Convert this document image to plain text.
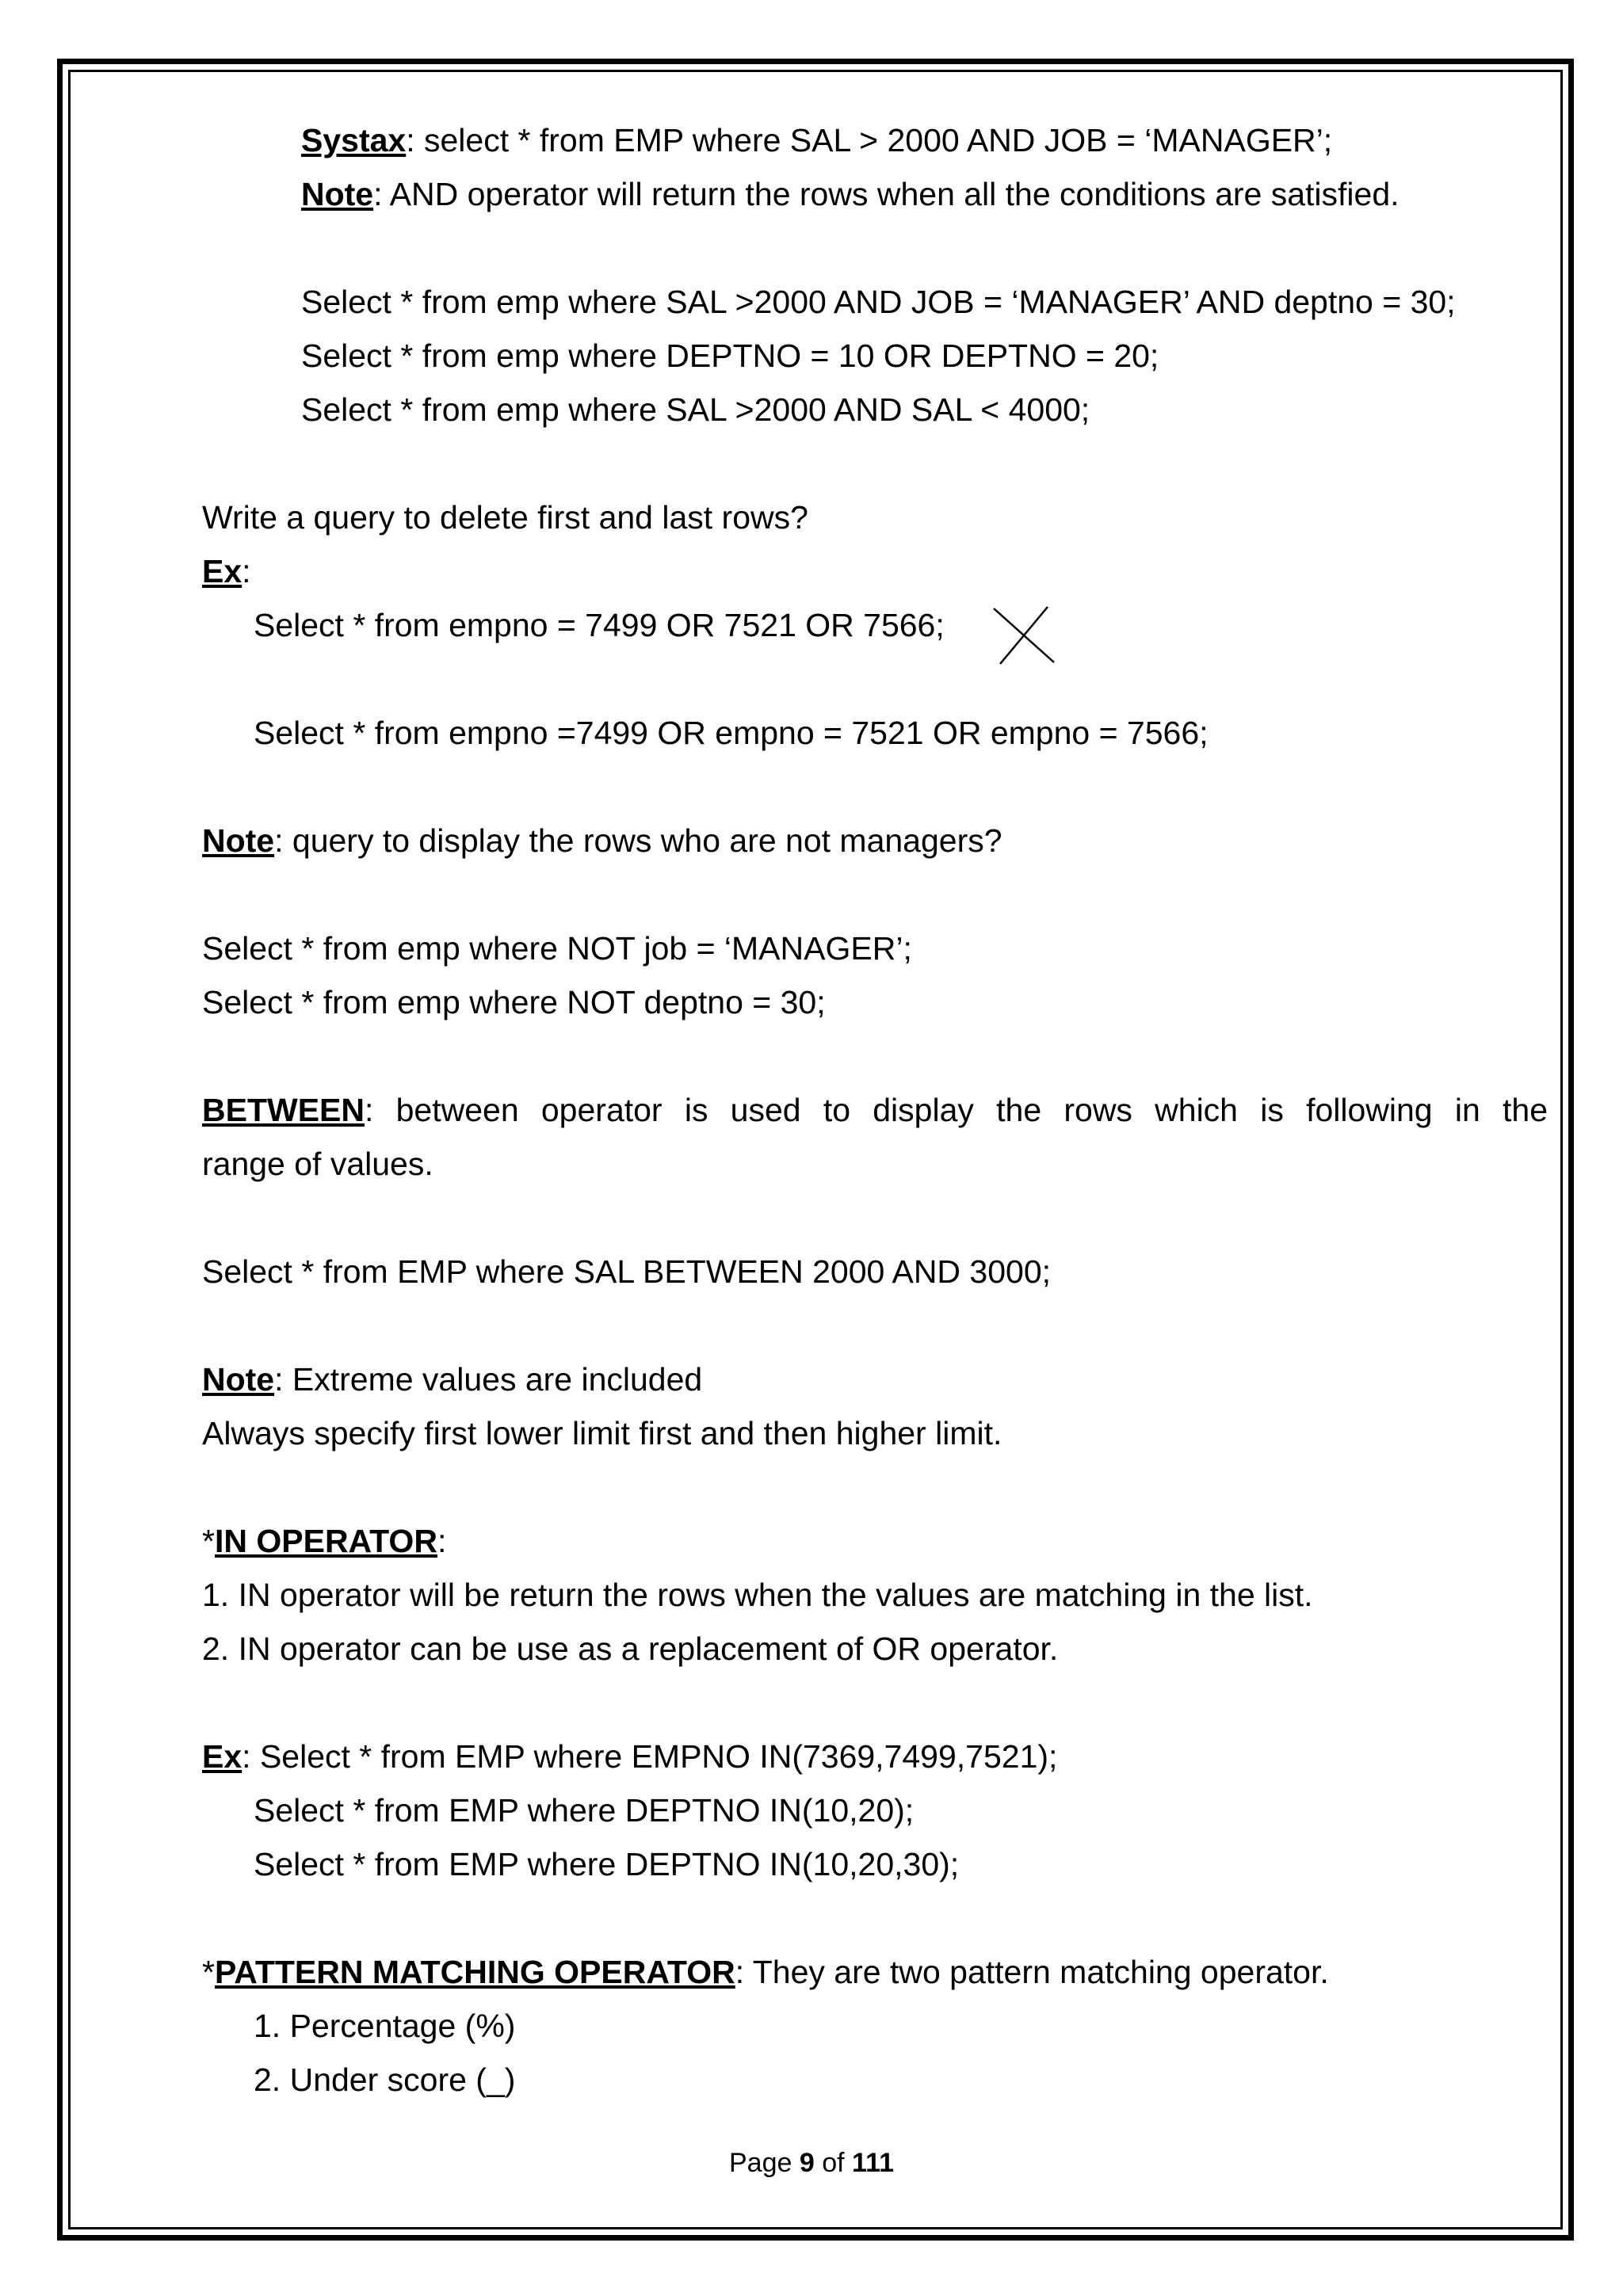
Systax: select * from EMP where SAL > 2000 AND JOB = ‘MANAGER’;
Note: AND operator will return the rows when all the conditions are satisfied.
Select * from emp where SAL >2000 AND JOB = ‘MANAGER’ AND deptno = 30;
Select * from emp where DEPTNO = 10 OR DEPTNO = 20;
Select * from emp where SAL >2000 AND SAL < 4000;
Write a query to delete first and last rows?
Ex:
Select * from empno = 7499 OR 7521 OR 7566;
Select * from empno =7499 OR empno = 7521 OR empno = 7566;
Note: query to display the rows who are not managers?
Select * from emp where NOT job = ‘MANAGER’;
Select * from emp where NOT deptno = 30;
BETWEEN: between operator is used to display the rows which is following in the
range of values.
Select * from EMP where SAL BETWEEN 2000 AND 3000;
Note: Extreme values are included
Always specify first lower limit first and then higher limit.
*IN OPERATOR:
1. IN operator will be return the rows when the values are matching in the list.
2. IN operator can be use as a replacement of OR operator.
Ex: Select * from EMP where EMPNO IN(7369,7499,7521);
Select * from EMP where DEPTNO IN(10,20);
Select * from EMP where DEPTNO IN(10,20,30);
*PATTERN MATCHING OPERATOR: They are two pattern matching operator.
1. Percentage (%)
2. Under score (_)
Page 9 of 111
